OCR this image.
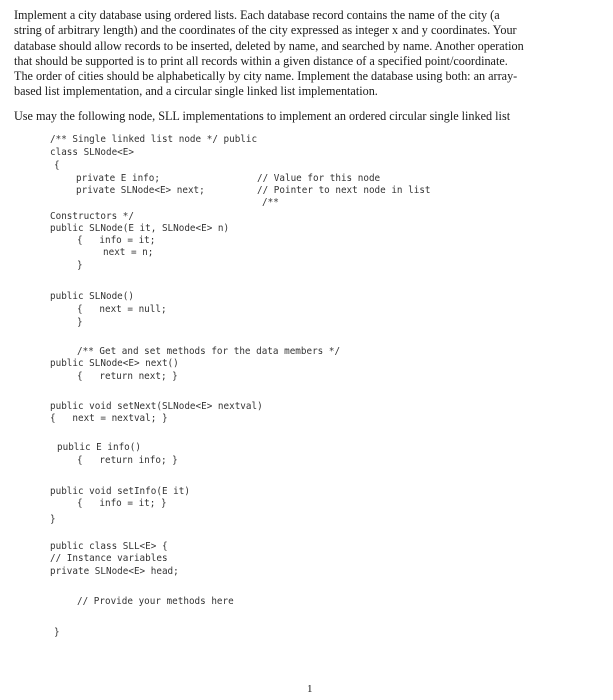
Implement a city database using ordered lists. Each database record contains the name of the city (a
string of arbitrary length) and the coordinates of the city expressed as integer x and y coordinates. Your
database should allow records to be inserted, deleted by name, and searched by name. Another operation
that should be supported is to print all records within a given distance of a specified point/coordinate.
The order of cities should be alphabetically by city name. Implement the database using both: an array-
based list implementation, and a circular single linked list implementation.
Use may the following node, SLL implementations to implement an ordered circular single linked list
/** Single linked list node */ public
class SLNode<E>
{
private E info;	// Value for this node
private SLNode<E> next;	// Pointer to next node in list
/**
Constructors */
public SLNode(E it, SLNode<E> n)
{   info = it;
next = n;
}
public SLNode()
{   next = null;
}
/** Get and set methods for the data members */
public SLNode<E> next()
{   return next; }
public void setNext(SLNode<E> nextval)
{   next = nextval; }
public E info()
{   return info; }
public void setInfo(E it)
{   info = it; }
}
public class SLL<E> {
// Instance variables
private SLNode<E> head;
// Provide your methods here
}
1
